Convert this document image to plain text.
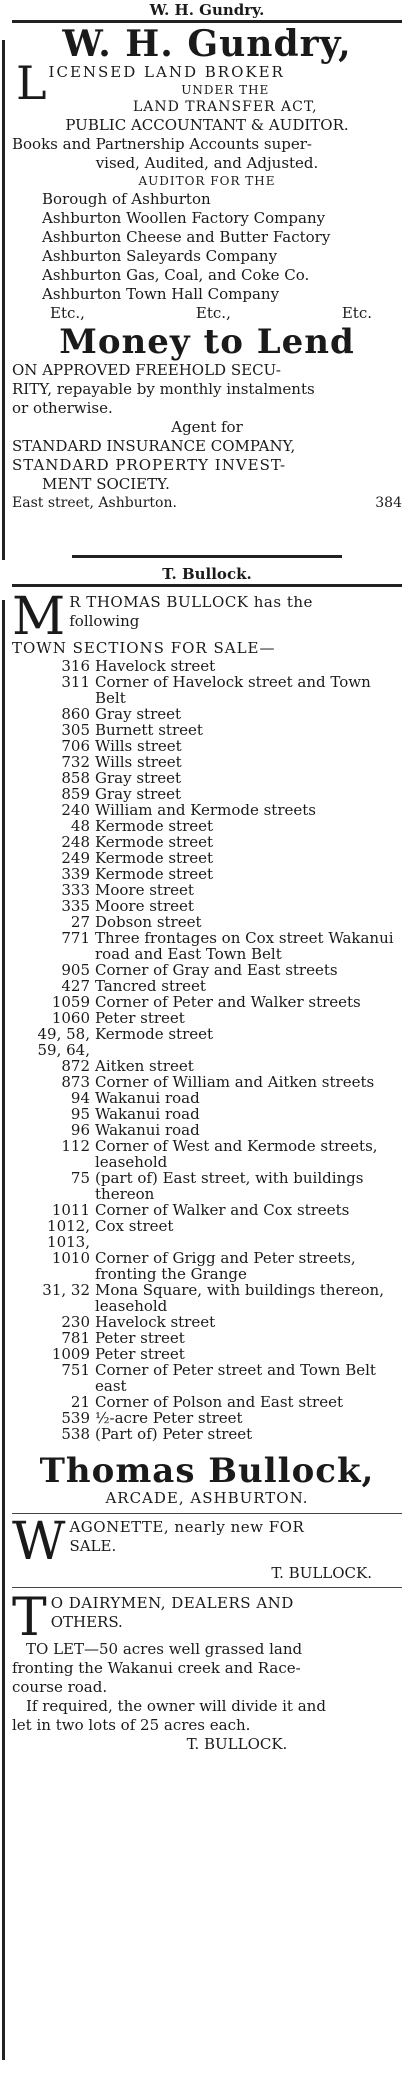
W. H. Gundry.
W. H. Gundry,
L ICENSED LAND BROKER
UNDER THE
LAND TRANSFER ACT,
PUBLIC ACCOUNTANT & AUDITOR.
Books and Partnership Accounts super-
vised, Audited, and Adjusted.
AUDITOR FOR THE
Borough of Ashburton
Ashburton Woollen Factory Company
Ashburton Cheese and Butter Factory
Ashburton Saleyards Company
Ashburton Gas, Coal, and Coke Co.
Ashburton Town Hall Company
Etc.,	Etc.,	Etc.
Money to Lend
ON APPROVED FREEHOLD SECU-
RITY, repayable by monthly instalments
or otherwise.
Agent for
STANDARD INSURANCE COMPANY,
STANDARD PROPERTY INVEST-
MENT SOCIETY.
East street, Ashburton.	384
T. Bullock.
M R THOMAS BULLOCK has the
following
TOWN SECTIONS FOR SALE—
316 Havelock street
311 Corner of Havelock street and Town Belt
860 Gray street
305 Burnett street
706 Wills street
732 Wills street
858 Gray street
859 Gray street
240 William and Kermode streets
48 Kermode street
248 Kermode street
249 Kermode street
339 Kermode street
333 Moore street
335 Moore street
27 Dobson street
771 Three frontages on Cox street Wakanui road and East Town Belt
905 Corner of Gray and East streets
427 Tancred street
1059 Corner of Peter and Walker streets
1060 Peter street
49, 58, 59, 64,
Kermode street
872 Aitken street
873 Corner of William and Aitken streets
94 Wakanui road
95 Wakanui road
96 Wakanui road
112 Corner of West and Kermode streets, leasehold
75 (part of) East street, with buildings thereon
1011 Corner of Walker and Cox streets
1012, 1013,
Cox street
1010 Corner of Grigg and Peter streets, fronting the Grange
31, 32 Mona Square, with buildings thereon, leasehold
230 Havelock street
781 Peter street
1009 Peter street
751 Corner of Peter street and Town Belt east
21 Corner of Polson and East street
539 ½-acre Peter street
538 (Part of) Peter street
Thomas Bullock,
ARCADE, ASHBURTON.
W AGONETTE, nearly new FOR
SALE.
T. BULLOCK.
T O DAIRYMEN, DEALERS AND
OTHERS.
TO LET—50 acres well grassed land
fronting the Wakanui creek and Race-
course road.
If required, the owner will divide it and
let in two lots of 25 acres each.
T. BULLOCK.
